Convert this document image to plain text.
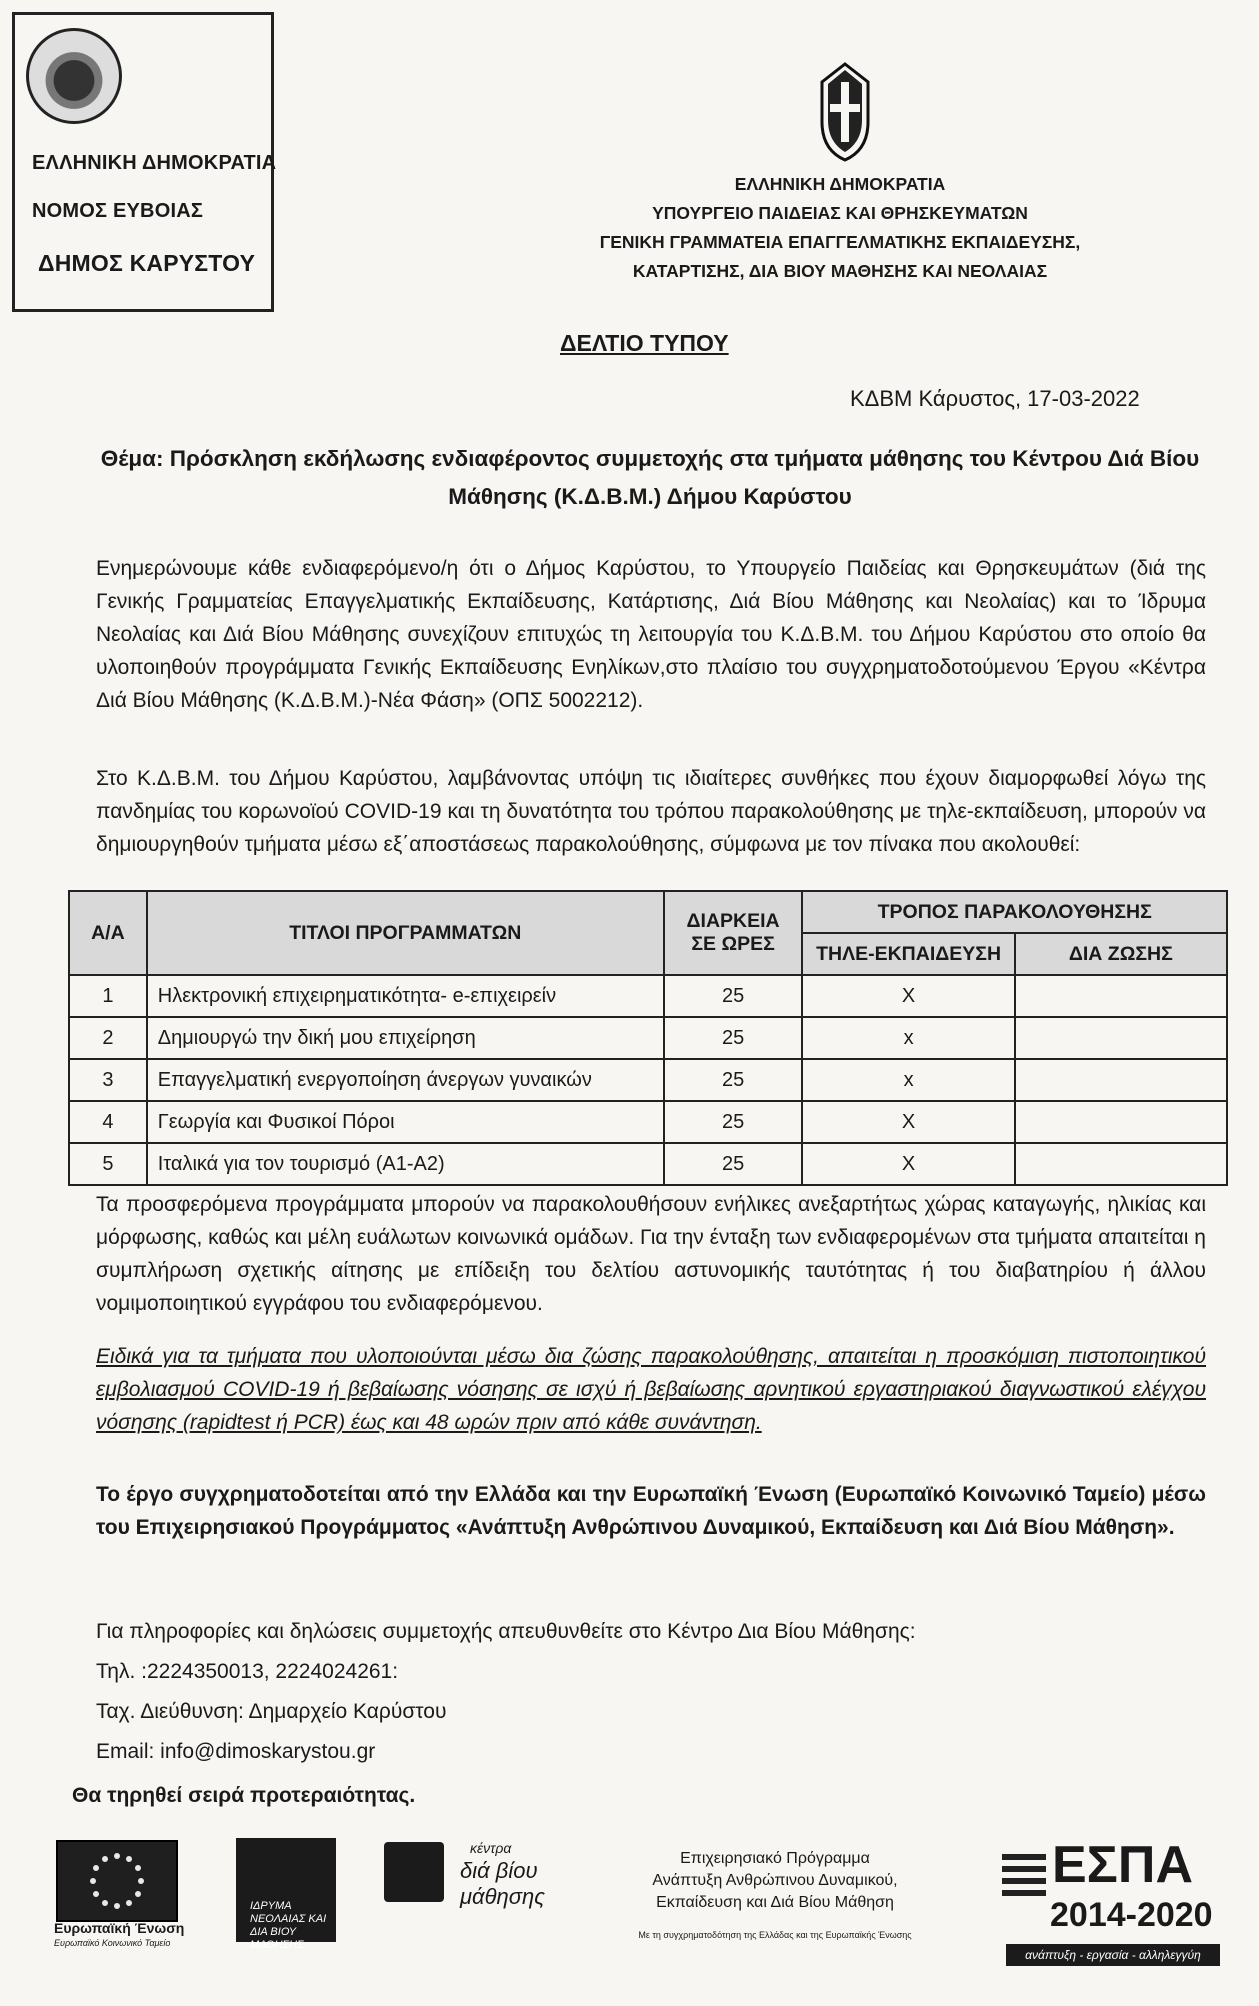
ΕΛΛΗΝΙΚΗ ΔΗΜΟΚΡΑΤΙΑ
ΝΟΜΟΣ ΕΥΒΟΙΑΣ
ΔΗΜΟΣ ΚΑΡΥΣΤΟΥ
ΕΛΛΗΝΙΚΗ ΔΗΜΟΚΡΑΤΙΑ
ΥΠΟΥΡΓΕΙΟ ΠΑΙΔΕΙΑΣ ΚΑΙ ΘΡΗΣΚΕΥΜΑΤΩΝ
ΓΕΝΙΚΗ ΓΡΑΜΜΑΤΕΙΑ ΕΠΑΓΓΕΛΜΑΤΙΚΗΣ ΕΚΠΑΙΔΕΥΣΗΣ,
ΚΑΤΑΡΤΙΣΗΣ, ΔΙΑ ΒΙΟΥ ΜΑΘΗΣΗΣ ΚΑΙ ΝΕΟΛΑΙΑΣ
ΔΕΛΤΙΟ ΤΥΠΟΥ
ΚΔΒΜ Κάρυστος, 17-03-2022
Θέμα: Πρόσκληση εκδήλωσης ενδιαφέροντος συμμετοχής στα τμήματα μάθησης του Κέντρου Διά Βίου
Μάθησης (Κ.Δ.Β.Μ.) Δήμου Καρύστου
Ενημερώνουμε κάθε ενδιαφερόμενο/η ότι ο Δήμος Καρύστου, το Υπουργείο Παιδείας και Θρησκευμάτων (διά της Γενικής Γραμματείας Επαγγελματικής Εκπαίδευσης, Κατάρτισης, Διά Βίου Μάθησης και Νεολαίας) και το Ίδρυμα Νεολαίας και Διά Βίου Μάθησης συνεχίζουν επιτυχώς τη λειτουργία του Κ.Δ.Β.Μ. του Δήμου Καρύστου στο οποίο θα υλοποιηθούν προγράμματα Γενικής Εκπαίδευσης Ενηλίκων,στο πλαίσιο του συγχρηματοδοτούμενου Έργου «Κέντρα Διά Βίου Μάθησης (Κ.Δ.Β.Μ.)-Νέα Φάση» (ΟΠΣ 5002212).
Στο Κ.Δ.Β.Μ. του Δήμου Καρύστου, λαμβάνοντας υπόψη τις ιδιαίτερες συνθήκες που έχουν διαμορφωθεί λόγω της πανδημίας του κορωνοϊού COVID-19 και τη δυνατότητα του τρόπου παρακολούθησης με τηλε-εκπαίδευση, μπορούν να δημιουργηθούν τμήματα μέσω εξ΄αποστάσεως παρακολούθησης, σύμφωνα με τον πίνακα που ακολουθεί:
Α/Α	ΤΙΤΛΟΙ ΠΡΟΓΡΑΜΜΑΤΩΝ	ΔΙΑΡΚΕΙΑ
ΣΕ ΩΡΕΣ	ΤΡΟΠΟΣ ΠΑΡΑΚΟΛΟΥΘΗΣΗΣ	
			ΤΗΛΕ-ΕΚΠΑΙΔΕΥΣΗ	ΔΙΑ ΖΩΣΗΣ
1	Ηλεκτρονική επιχειρηματικότητα- e-επιχειρείν	25	Χ	
2	Δημιουργώ την δική μου επιχείρηση	25	x	
3	Επαγγελματική ενεργοποίηση άνεργων γυναικών	25	x	
4	Γεωργία και Φυσικοί Πόροι	25	Χ	
5	Ιταλικά για τον τουρισμό (Α1-Α2)	25	Χ	
Τα προσφερόμενα προγράμματα μπορούν να παρακολουθήσουν ενήλικες ανεξαρτήτως χώρας καταγωγής, ηλικίας και μόρφωσης, καθώς και μέλη ευάλωτων κοινωνικά ομάδων. Για την ένταξη των ενδιαφερομένων στα τμήματα απαιτείται η συμπλήρωση σχετικής αίτησης με επίδειξη του δελτίου αστυνομικής ταυτότητας ή του διαβατηρίου ή άλλου νομιμοποιητικού εγγράφου του ενδιαφερόμενου.
Ειδικά για τα τμήματα που υλοποιούνται μέσω δια ζώσης παρακολούθησης, απαιτείται η προσκόμιση πιστοποιητικού εμβολιασμού COVID-19 ή βεβαίωσης νόσησης σε ισχύ ή βεβαίωσης αρνητικού εργαστηριακού διαγνωστικού ελέγχου νόσησης (rapidtest ή PCR) έως και 48 ωρών πριν από κάθε συνάντηση.
Το έργο συγχρηματοδοτείται από την Ελλάδα και την Ευρωπαϊκή Ένωση (Ευρωπαϊκό Κοινωνικό Ταμείο) μέσω του Επιχειρησιακού Προγράμματος «Ανάπτυξη Ανθρώπινου Δυναμικού, Εκπαίδευση και Διά Βίου Μάθηση».
Για πληροφορίες και δηλώσεις συμμετοχής απευθυνθείτε στο Κέντρο Δια Βίου Μάθησης:
Τηλ. :2224350013, 2224024261:
Ταχ. Διεύθυνση: Δημαρχείο Καρύστου
Email: info@dimoskarystou.gr
Θα τηρηθεί σειρά προτεραιότητας.
Ευρωπαϊκή Ένωση
Ευρωπαϊκό Κοινωνικό Ταμείο
ΙΔΡΥΜΑ ΝΕΟΛΑΙΑΣ ΚΑΙ ΔΙΑ ΒΙΟΥ ΜΑΘΗΣΗΣ
κέντρα
διά βίου
μάθησης
Επιχειρησιακό Πρόγραμμα
Ανάπτυξη Ανθρώπινου Δυναμικού,
Εκπαίδευση και Διά Βίου Μάθηση
Με τη συγχρηματοδότηση της Ελλάδας και της Ευρωπαϊκής Ένωσης
ΕΣΠΑ
2014-2020
ανάπτυξη - εργασία - αλληλεγγύη
